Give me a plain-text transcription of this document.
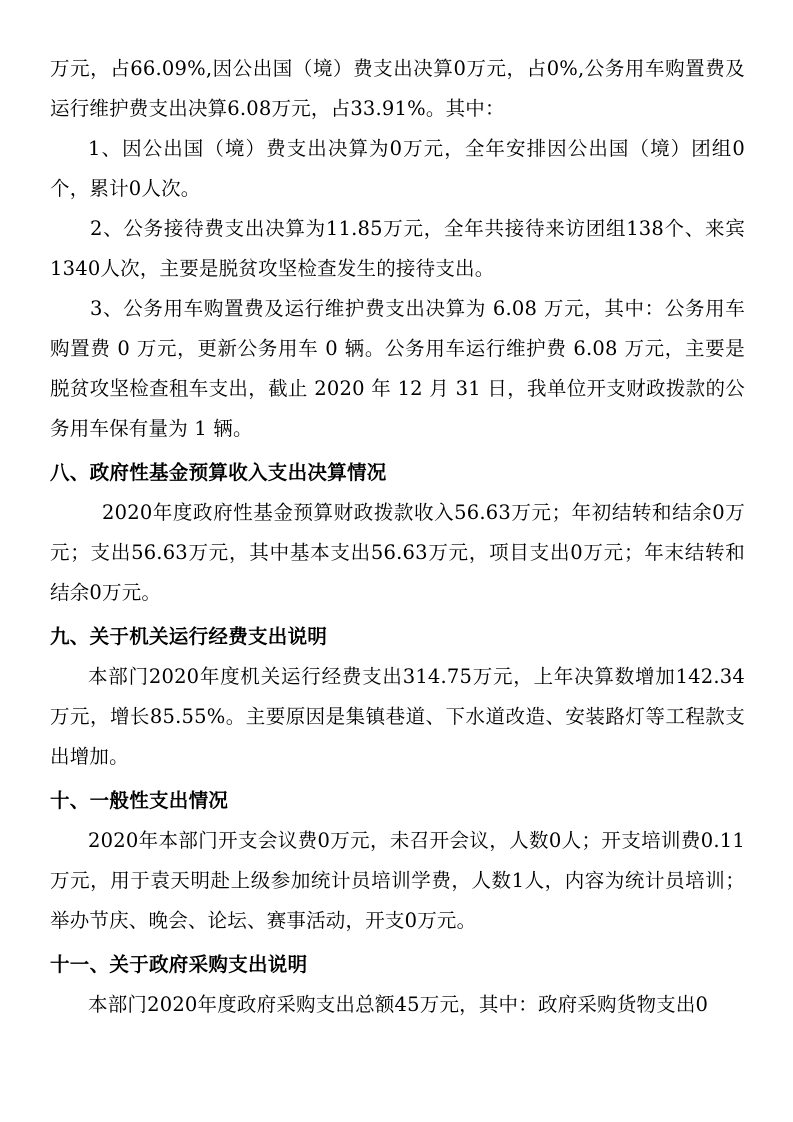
万元，占66.09%,因公出国（境）费支出决算0万元，占0%,公务用车购置费及运行维护费支出决算6.08万元，占33.91%。其中：

1、因公出国（境）费支出决算为0万元，全年安排因公出国（境）团组0个，累计0人次。

2、公务接待费支出决算为11.85万元，全年共接待来访团组138个、来宾1340人次，主要是脱贫攻坚检查发生的接待支出。

3、公务用车购置费及运行维护费支出决算为 6.08 万元，其中：公务用车购置费 0 万元，更新公务用车 0 辆。公务用车运行维护费 6.08 万元，主要是脱贫攻坚检查租车支出，截止 2020 年 12 月 31 日，我单位开支财政拨款的公务用车保有量为 1 辆。

八、政府性基金预算收入支出决算情况

2020年度政府性基金预算财政拨款收入56.63万元；年初结转和结余0万元；支出56.63万元，其中基本支出56.63万元，项目支出0万元；年末结转和结余0万元。

九、关于机关运行经费支出说明

本部门2020年度机关运行经费支出314.75万元，上年决算数增加142.34万元，增长85.55%。主要原因是集镇巷道、下水道改造、安装路灯等工程款支出增加。

十、一般性支出情况

2020年本部门开支会议费0万元，未召开会议，人数0人；开支培训费0.11万元，用于袁天明赴上级参加统计员培训学费，人数1人，内容为统计员培训；举办节庆、晚会、论坛、赛事活动，开支0万元。

十一、关于政府采购支出说明

本部门2020年度政府采购支出总额45万元，其中：政府采购货物支出0
